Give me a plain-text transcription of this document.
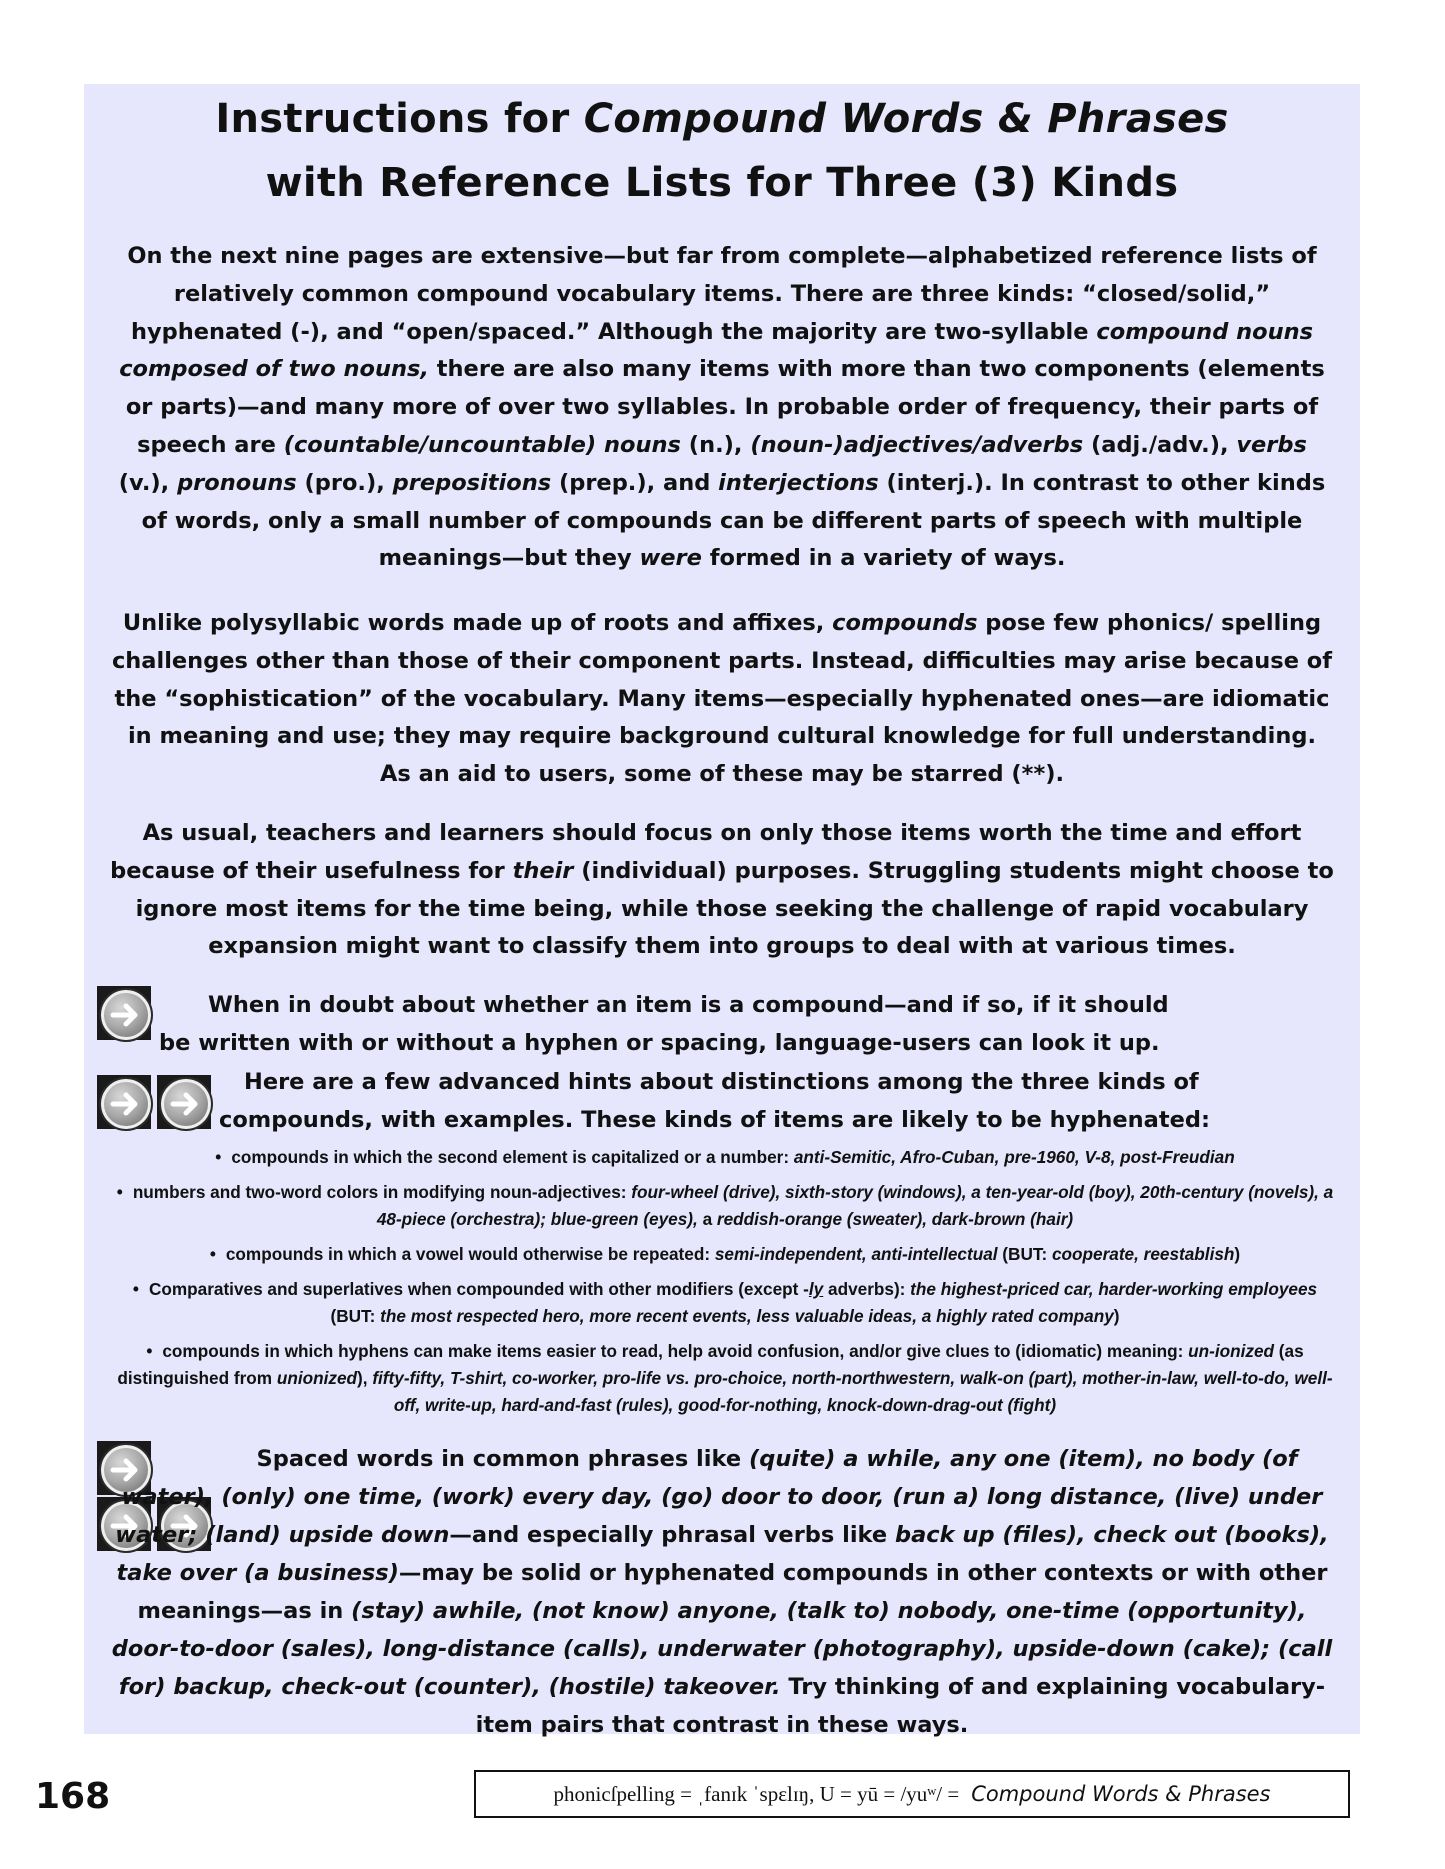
Instructions for Compound Words & Phrases
with Reference Lists for Three (3) Kinds
On the next nine pages are extensive—but far from complete—alphabetized reference lists of relatively common compound vocabulary items. There are three kinds: “closed/solid,” hyphenated (-), and “open/spaced.” Although the majority are two-syllable compound nouns composed of two nouns, there are also many items with more than two components (elements or parts)—and many more of over two syllables. In probable order of frequency, their parts of speech are (countable/uncountable) nouns (n.), (noun-)adjectives/adverbs (adj./adv.), verbs (v.), pronouns (pro.), prepositions (prep.), and interjections (interj.). In contrast to other kinds of words, only a small number of compounds can be different parts of speech with multiple meanings—but they were formed in a variety of ways.
Unlike polysyllabic words made up of roots and affixes, compounds pose few phonics/ spelling challenges other than those of their component parts. Instead, difficulties may arise because of the “sophistication” of the vocabulary. Many items—especially hyphenated ones—are idiomatic in meaning and use; they may require background cultural knowledge for full understanding. As an aid to users, some of these may be starred (**).
As usual, teachers and learners should focus on only those items worth the time and effort because of their usefulness for their (individual) purposes. Struggling students might choose to ignore most items for the time being, while those seeking the challenge of rapid vocabulary expansion might want to classify them into groups to deal with at various times.
When in doubt about whether an item is a compound—and if so, if it should
be written with or without a hyphen or spacing, language-users can look it up.
Here are a few advanced hints about distinctions among the three kinds of
compounds, with examples. These kinds of items are likely to be hyphenated:
• compounds in which the second element is capitalized or a number: anti-Semitic, Afro-Cuban, pre-1960, V-8, post-Freudian
• numbers and two-word colors in modifying noun-adjectives: four-wheel (drive), sixth-story (windows), a ten-year-old (boy), 20th-century (novels), a 48-piece (orchestra); blue-green (eyes), a reddish-orange (sweater), dark-brown (hair)
• compounds in which a vowel would otherwise be repeated: semi-independent, anti-intellectual (BUT: cooperate, reestablish)
• Comparatives and superlatives when compounded with other modifiers (except -ly adverbs): the highest-priced car, harder-working employees (BUT: the most respected hero, more recent events, less valuable ideas, a highly rated company)
• compounds in which hyphens can make items easier to read, help avoid confusion, and/or give clues to (idiomatic) meaning: un-ionized (as distinguished from unionized), fifty-fifty, T-shirt, co-worker, pro-life vs. pro-choice, north-northwestern, walk-on (part), mother-in-law, well-to-do, well-off, write-up, hard-and-fast (rules), good-for-nothing, knock-down-drag-out (fight)
Spaced words in common phrases like (quite) a while, any one (item), no body (of water), (only) one time, (work) every day, (go) door to door, (run a) long distance, (live) under water; (land) upside down—and especially phrasal verbs like back up (files), check out (books), take over (a business)—may be solid or hyphenated compounds in other contexts or with other meanings—as in (stay) awhile, (not know) anyone, (talk to) nobody, one-time (opportunity), door-to-door (sales), long-distance (calls), underwater (photography), upside-down (cake); (call for) backup, check-out (counter), (hostile) takeover. Try thinking of and explaining vocabulary-item pairs that contrast in these ways.
168	phonicſpelling = ˌfanɪk ˈspɛlɪŋ, U = yū = /yuʷ/ = Compound Words & Phrases
